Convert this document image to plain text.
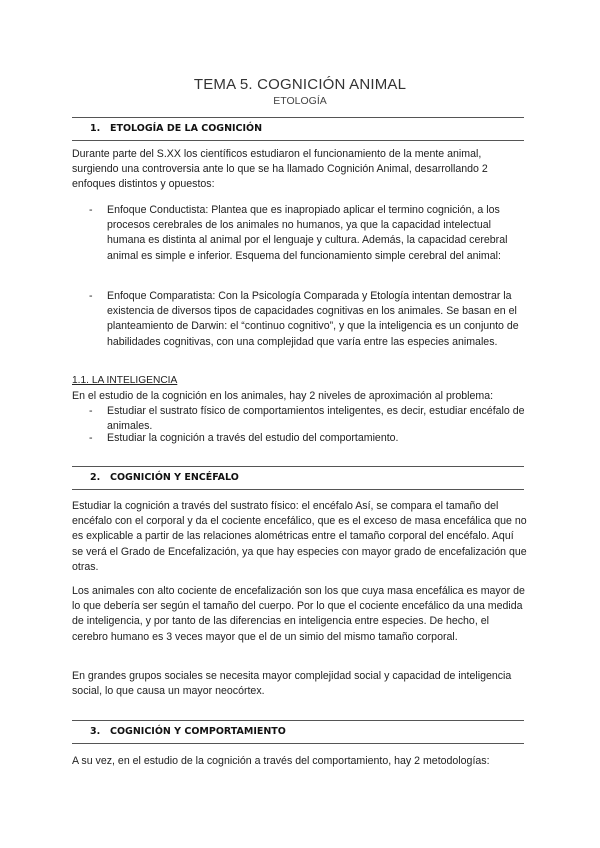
TEMA 5. COGNICIÓN ANIMAL
ETOLOGÍA
1. ETOLOGÍA DE LA COGNICIÓN

Durante parte del S.XX los científicos estudiaron el funcionamiento de la mente animal, surgiendo una controversia ante lo que se ha llamado Cognición Animal, desarrollando 2 enfoques distintos y opuestos:

- Enfoque Conductista: Plantea que es inapropiado aplicar el termino cognición, a los procesos cerebrales de los animales no humanos, ya que la capacidad intelectual humana es distinta al animal por el lenguaje y cultura. Además, la capacidad cerebral animal es simple e inferior. Esquema del funcionamiento simple cerebral del animal:
- Enfoque Comparatista: Con la Psicología Comparada y Etología intentan demostrar la existencia de diversos tipos de capacidades cognitivas en los animales. Se basan en el planteamiento de Darwin: el “continuo cognitivo”, y que la inteligencia es un conjunto de habilidades cognitivas, con una complejidad que varía entre las especies animales.
1.1. LA INTELIGENCIA

En el estudio de la cognición en los animales, hay 2 niveles de aproximación al problema:

- Estudiar el sustrato físico de comportamientos inteligentes, es decir, estudiar encéfalo de animales.
- Estudiar la cognición a través del estudio del comportamiento.
2. COGNICIÓN Y ENCÉFALO

Estudiar la cognición a través del sustrato físico: el encéfalo Así, se compara el tamaño del encéfalo con el corporal y da el cociente encefálico, que es el exceso de masa encefálica que no es explicable a partir de las relaciones alométricas entre el tamaño corporal del encéfalo. Aquí se verá el Grado de Encefalización, ya que hay especies con mayor grado de encefalización que otras.

Los animales con alto cociente de encefalización son los que cuya masa encefálica es mayor de lo que debería ser según el tamaño del cuerpo. Por lo que el cociente encefálico da una medida de inteligencia, y por tanto de las diferencias en inteligencia entre especies. De hecho, el cerebro humano es 3 veces mayor que el de un simio del mismo tamaño corporal.

En grandes grupos sociales se necesita mayor complejidad social y capacidad de inteligencia social, lo que causa un mayor neocórtex.

3. COGNICIÓN Y COMPORTAMIENTO

A su vez, en el estudio de la cognición a través del comportamiento, hay 2 metodologías:
